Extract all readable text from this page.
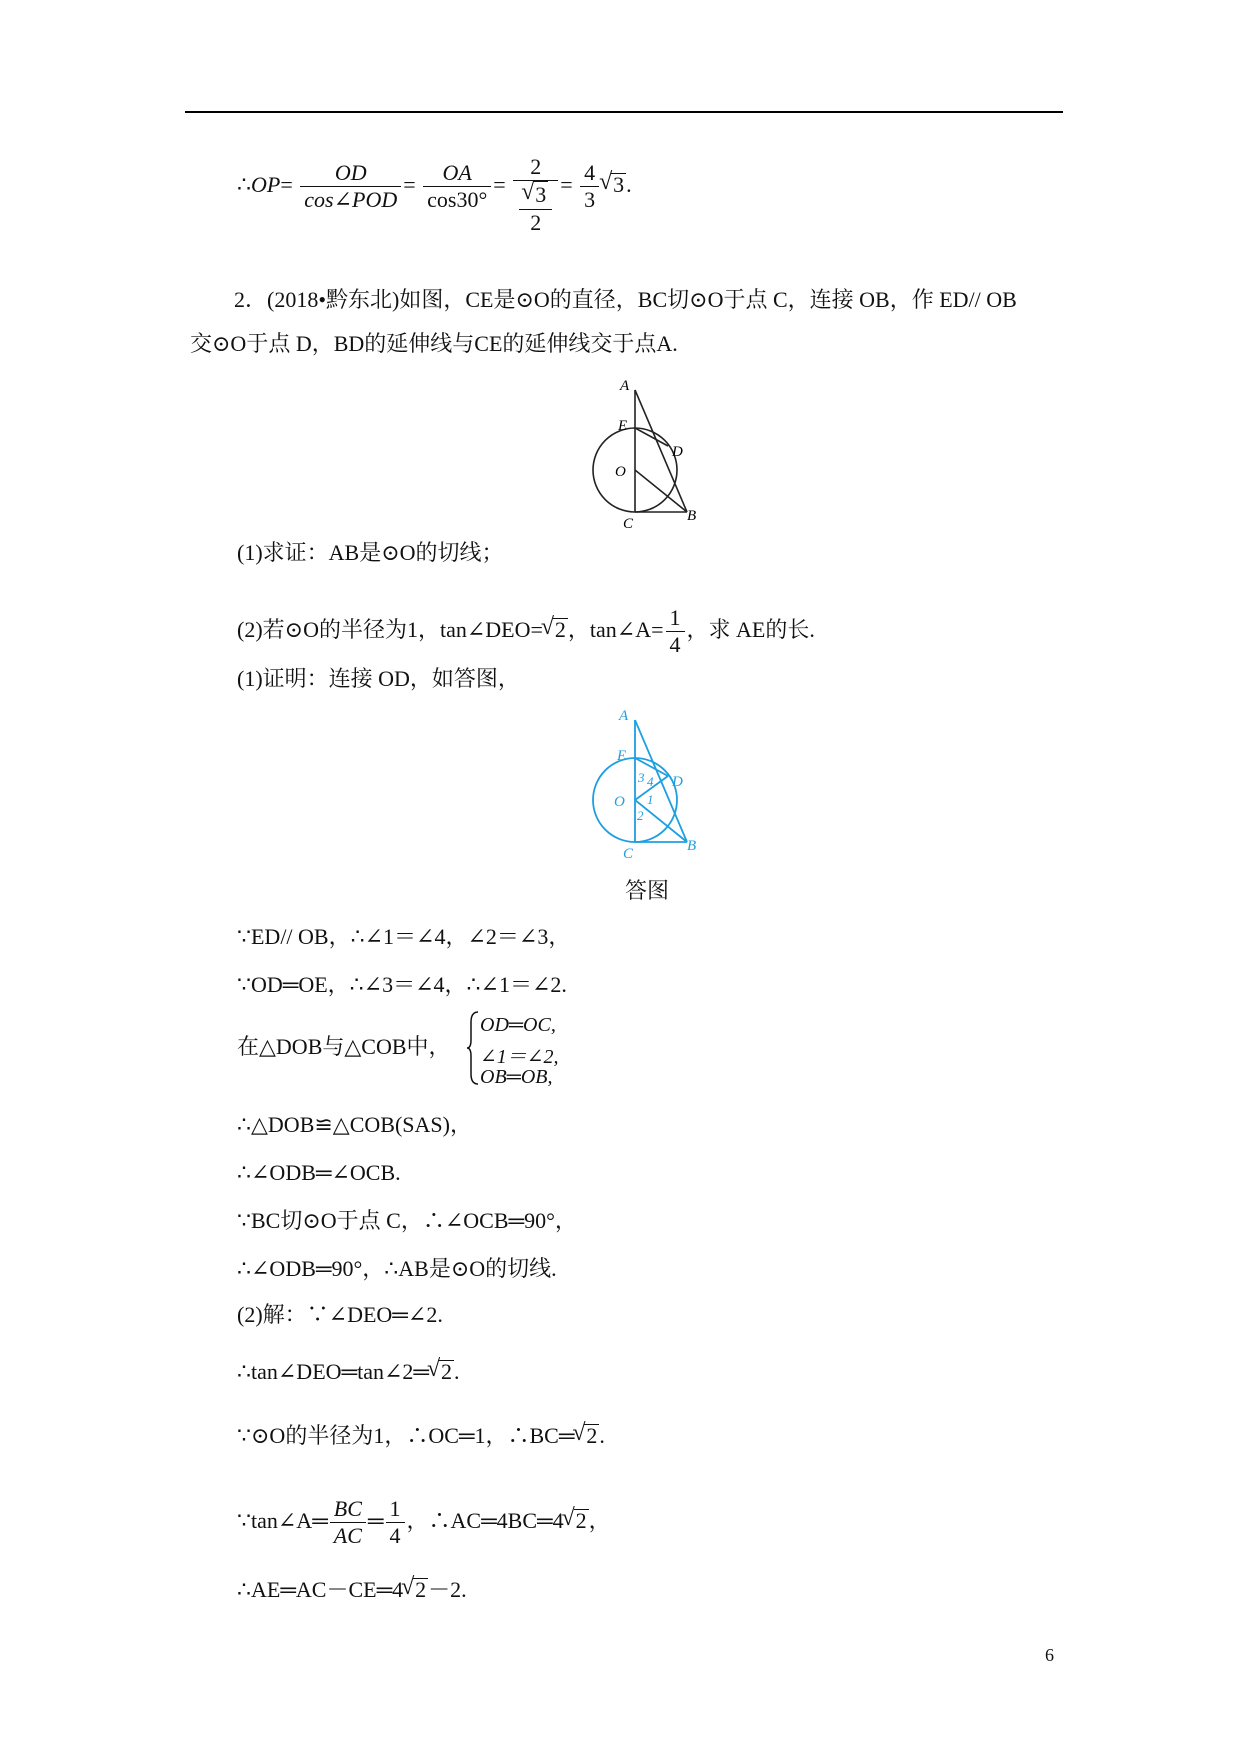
∴OP= $\frac{OD}{\text{cos∠POD}} = \frac{OA}{\cos 30^\circ} = 2$
√ $\frac{3}{2} = \frac{4}{3}$ √ 3.
2．(2018•黔东北)如图，CE是⊙O的直径，BC切⊙O于点 C，连接 OB，作 ED// OB
交⊙O于点 D，BD的延伸线与CE的延伸线交于点A.
A
E
D
O
C	B
(1)求证：AB是⊙O的切线；
(2)若⊙O的半径为1，tan∠DEO= √ 2，tan∠A= $\frac{1}{4}$ ，求 AE的长.
(1)证明：连接 OD，如答图，
A
E
D
O
C	B
3 4
1
2
答图
∵ED// OB，∴∠1＝∠4，∠2＝∠3，
∵OD═OE，∴∠3＝∠4，∴∠1＝∠2.
在△DOB与△COB中，
OD═OC,
∠1＝∠2,
OB═OB,
∴△DOB≌△COB(SAS)，
∴∠ODB═∠OCB.
∵BC切⊙O于点 C，∴∠OCB═90°，
∴∠ODB═90°，∴AB是⊙O的切线.
(2)解：∵∠DEO═∠2.
∴tan∠DEO═tan∠2═ √ 2.
∵⊙O的半径为1，∴OC═1，∴BC═ √ 2.
∵tan∠A═ $\frac{BC}{AC}$ ═ $\frac{1}{4}$ ，∴AC═4BC═4 √ 2，
∴AE═AC－CE═4 √ 2－2.
6
